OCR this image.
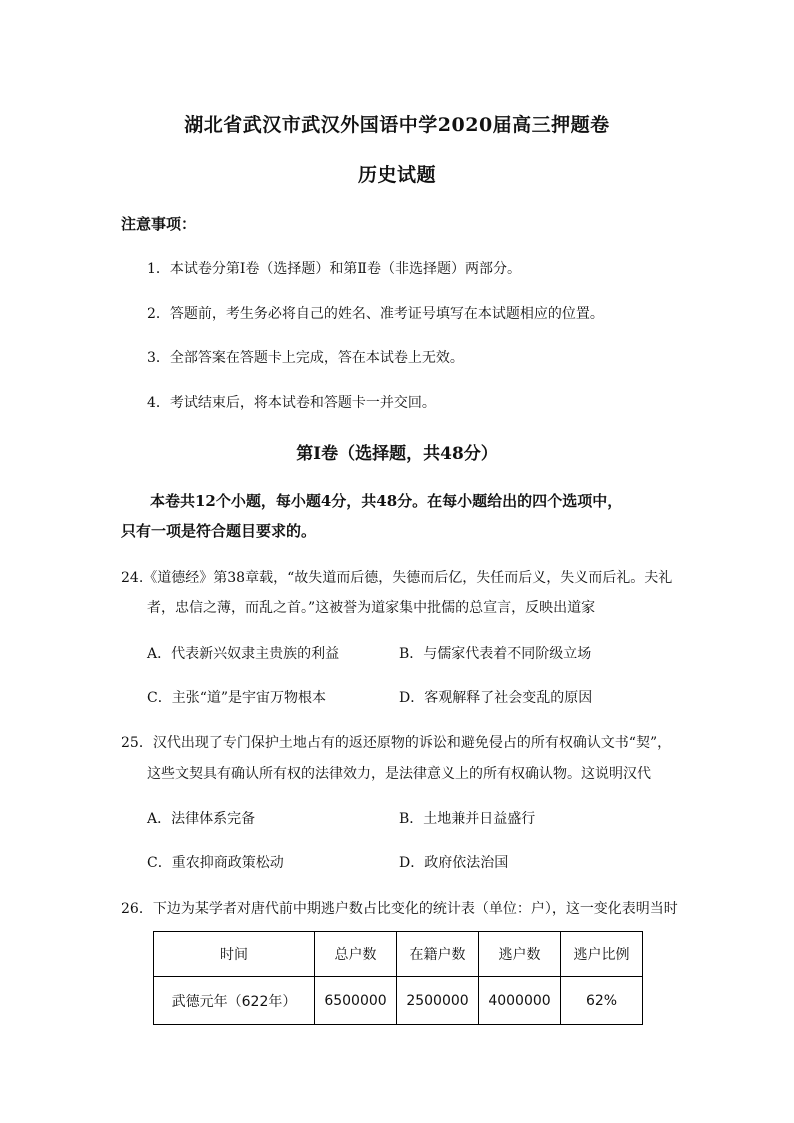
湖北省武汉市武汉外国语中学2020届高三押题卷
历史试题
注意事项：
1．本试卷分第Ⅰ卷（选择题）和第Ⅱ卷（非选择题）两部分。
2．答题前，考生务必将自己的姓名、准考证号填写在本试题相应的位置。
3．全部答案在答题卡上完成，答在本试卷上无效。
4．考试结束后，将本试卷和答题卡一并交回。
第Ⅰ卷（选择题，共48分）
本卷共12个小题，每小题4分，共48分。在每小题给出的四个选项中，
只有一项是符合题目要求的。
24.《道德经》第38章载，“故失道而后德，失德而后亿，失任而后义，失义而后礼。夫礼
者，忠信之薄，而乱之首。”这被誉为道家集中批儒的总宣言，反映出道家
A．代表新兴奴隶主贵族的利益	B．与儒家代表着不同阶级立场
C．主张“道”是宇宙万物根本	D．客观解释了社会变乱的原因
25．汉代出现了专门保护土地占有的返还原物的诉讼和避免侵占的所有权确认文书“契”，
这些文契具有确认所有权的法律效力，是法律意义上的所有权确认物。这说明汉代
A．法律体系完备	B．土地兼并日益盛行
C．重农抑商政策松动	D．政府依法治国
26．下边为某学者对唐代前中期逃户数占比变化的统计表（单位：户），这一变化表明当时
时间	总户数	在籍户数	逃户数	逃户比例
武德元年（622年）	6500000	2500000	4000000	62%
